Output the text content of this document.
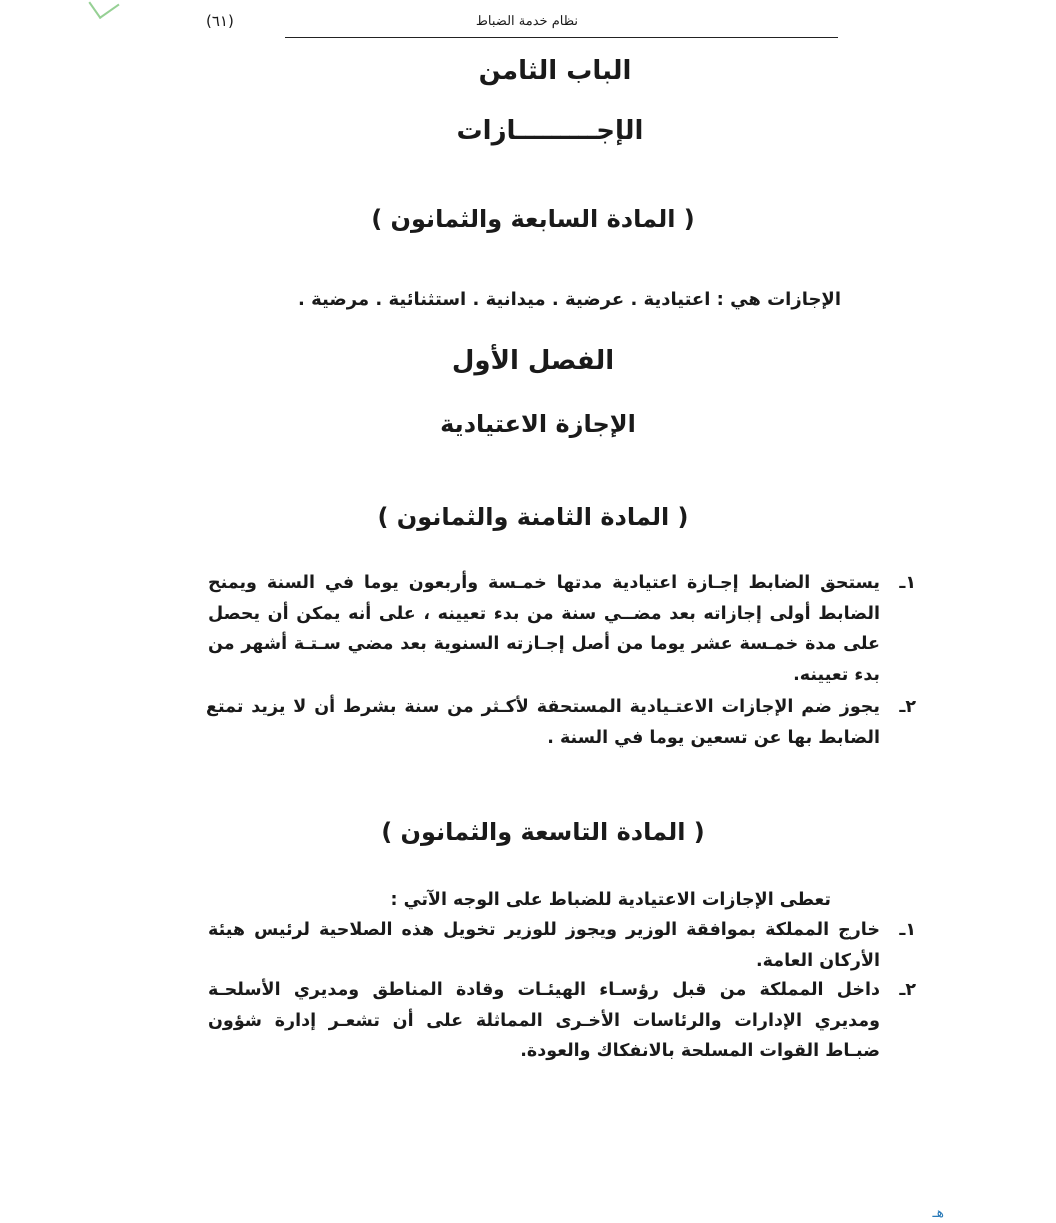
نظام خدمة الضباط
(٦١)
الباب الثامن
الإجـــــــــازات
( المادة السابعة والثمانون )
الإجازات هي : اعتيادية . عرضية . ميدانية . استثنائية . مرضية .
الفصل الأول
الإجازة الاعتيادية
( المادة الثامنة والثمانون )
١ـ
يستحق الضابط إجـازة اعتيادية مدتها خمـسة وأربعون يوما في السنة ويمنح الضابط أولى إجازاته بعد مضــي سنة من بدء تعيينه ، على أنه يمكن أن يحصل على مدة خمـسة عشر يوما من أصل إجـازته السنوية بعد مضي سـتـة أشهر من بدء تعيينه.
٢ـ
يجوز ضم الإجازات الاعتـيادية المستحقة لأكـثر من سنة بشرط أن لا يزيد تمتع الضابط بها عن تسعين يوما في السنة .
( المادة التاسعة والثمانون )
تعطى الإجازات الاعتيادية للضباط على الوجه الآتي :
١ـ
خارج المملكة بموافقة الوزير ويجوز للوزير تخويل هذه الصلاحية لرئيس هيئة الأركان العامة.
٢ـ
داخل المملكة من قبل رؤسـاء الهيئـات وقادة المناطق ومديري الأسلحـة ومديري الإدارات والرئاسات الأخـرى المماثلة على أن تشعـر إدارة شؤون ضبـاط القوات المسلحة بالانفكاك والعودة.
هـ
